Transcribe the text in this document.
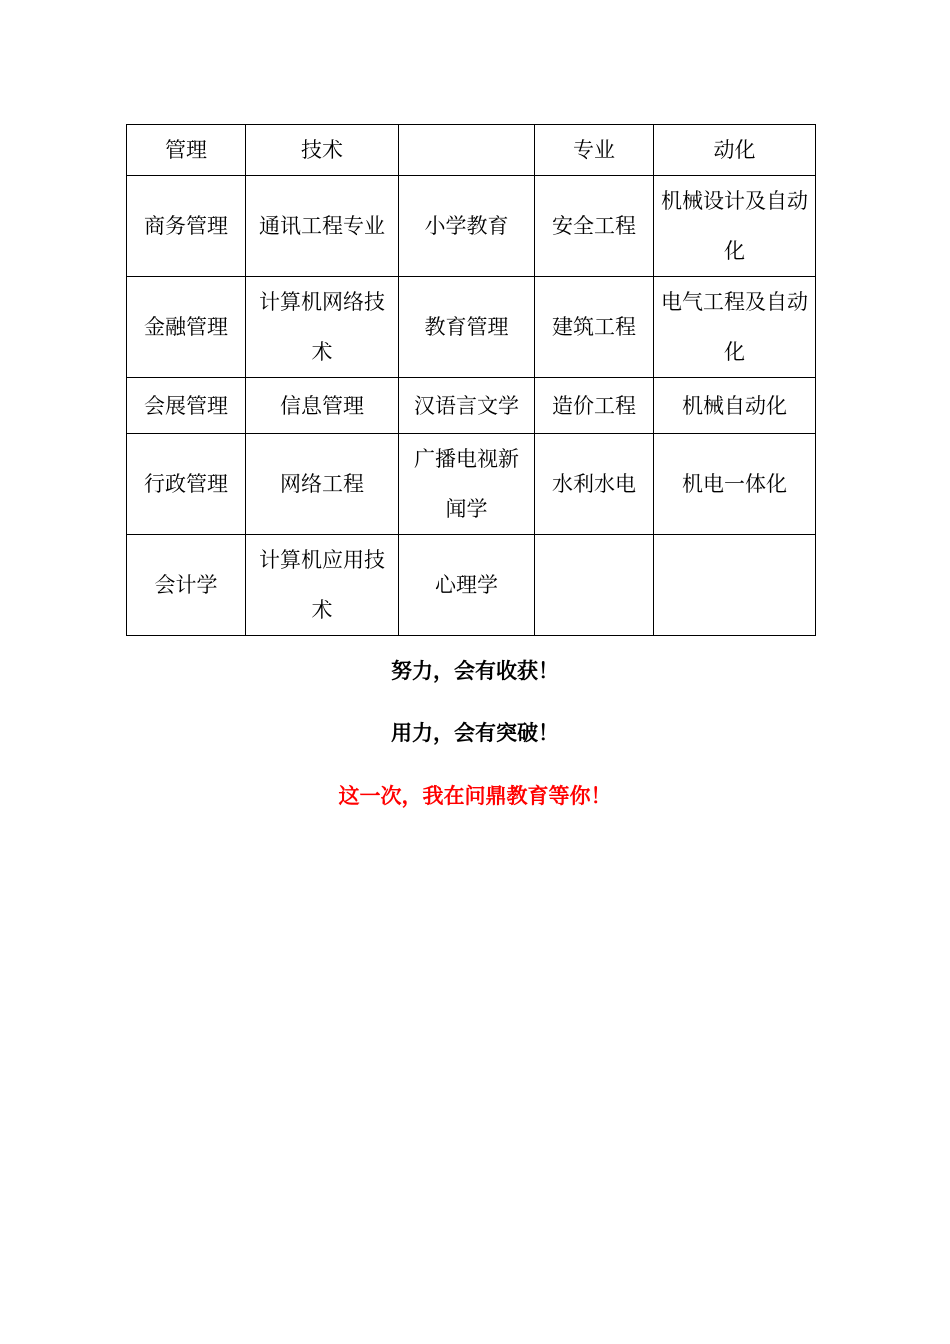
管理	技术		专业	动化
商务管理	通讯工程专业	小学教育	安全工程	机械设计及自动化
金融管理	计算机网络技术	教育管理	建筑工程	电气工程及自动化
会展管理	信息管理	汉语言文学	造价工程	机械自动化
行政管理	网络工程	广播电视新闻学	水利水电	机电一体化
会计学	计算机应用技术	心理学		
努力，会有收获！
用力，会有突破！
这一次，我在问鼎教育等你！
